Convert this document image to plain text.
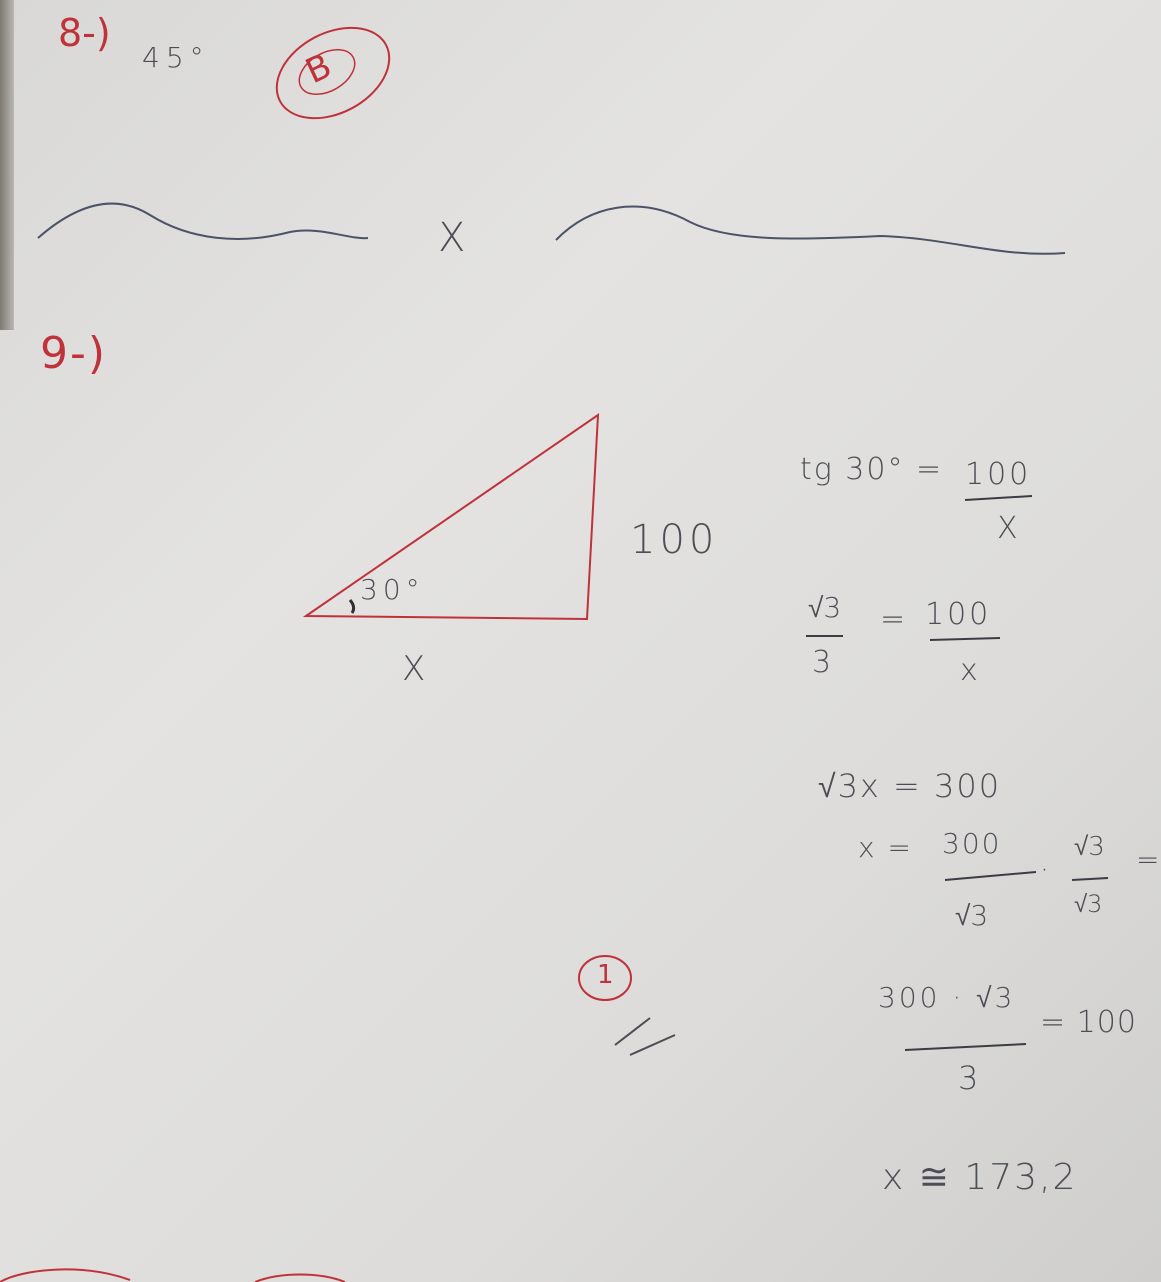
8-)
45°	B
X
9-)
30°
100
X
tg 30° = 100
X
√3
3
= 100
x
√3x = 300
x = 300
√3
·
√3
√3
=
300 · √3
3
= 100
x ≅ 173,2
1
